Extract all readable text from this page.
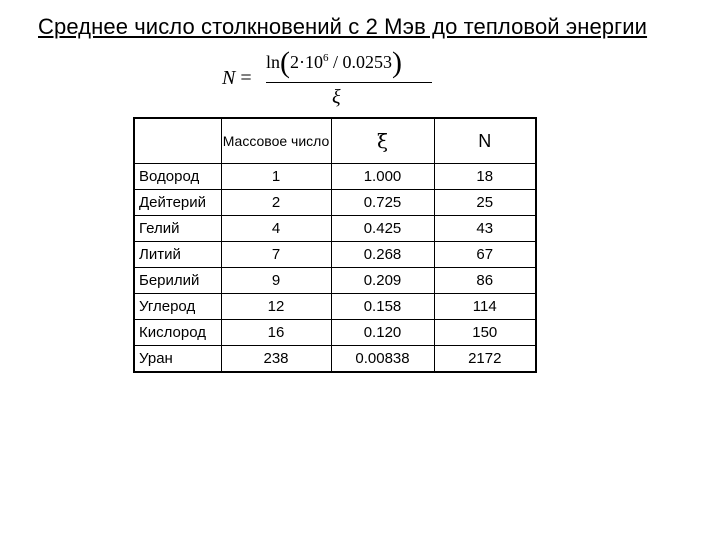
Среднее число столкновений с 2 Мэв до тепловой энергии
N =
$\ln(2\cdot 10^6 / 0.0253)$
ξ
	Массовое число	ξ	N
Водород	1	1.000	18
Дейтерий	2	0.725	25
Гелий	4	0.425	43
Литий	7	0.268	67
Берилий	9	0.209	86
Углерод	12	0.158	114
Кислород	16	0.120	150
Уран	238	0.00838	2172
